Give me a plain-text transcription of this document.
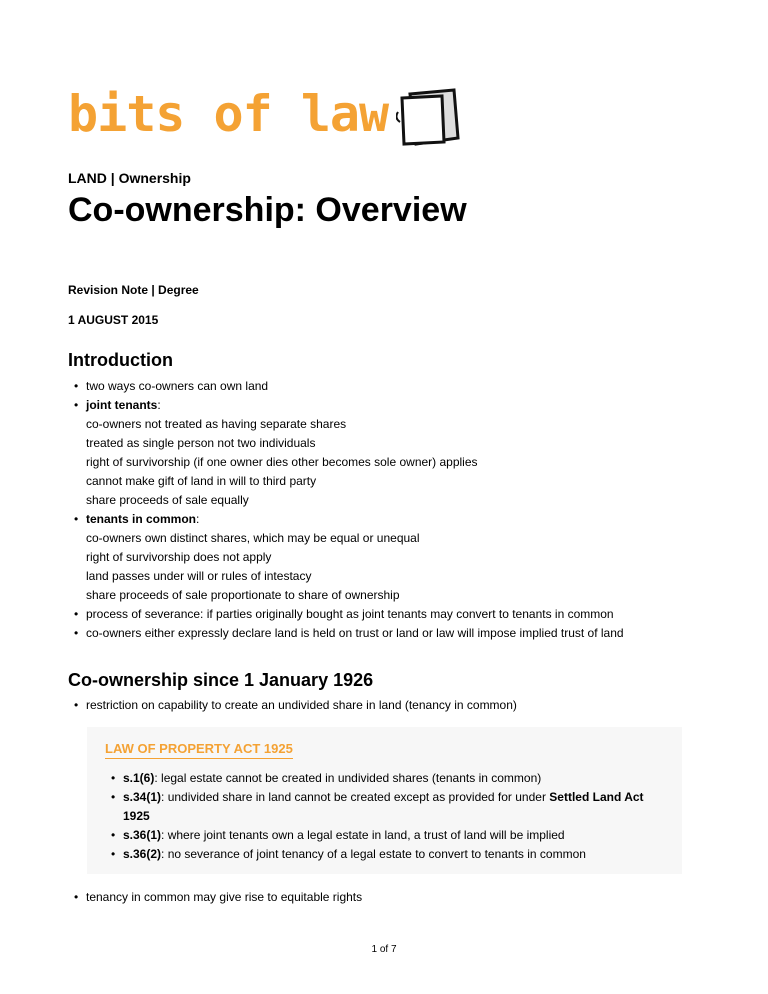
bits of law
LAND | Ownership
Co-ownership: Overview
Revision Note | Degree
1 AUGUST 2015
Introduction
• two ways co-owners can own land
• joint tenants:
co-owners not treated as having separate shares
treated as single person not two individuals
right of survivorship (if one owner dies other becomes sole owner) applies
cannot make gift of land in will to third party
share proceeds of sale equally
• tenants in common:
co-owners own distinct shares, which may be equal or unequal
right of survivorship does not apply
land passes under will or rules of intestacy
share proceeds of sale proportionate to share of ownership
• process of severance: if parties originally bought as joint tenants may convert to tenants in common
• co-owners either expressly declare land is held on trust or land or law will impose implied trust of land
Co-ownership since 1 January 1926
• restriction on capability to create an undivided share in land (tenancy in common)
LAW OF PROPERTY ACT 1925
• s.1(6): legal estate cannot be created in undivided shares (tenants in common)
• s.34(1): undivided share in land cannot be created except as provided for under Settled Land Act 1925
• s.36(1): where joint tenants own a legal estate in land, a trust of land will be implied
• s.36(2): no severance of joint tenancy of a legal estate to convert to tenants in common
• tenancy in common may give rise to equitable rights
1 of 7
